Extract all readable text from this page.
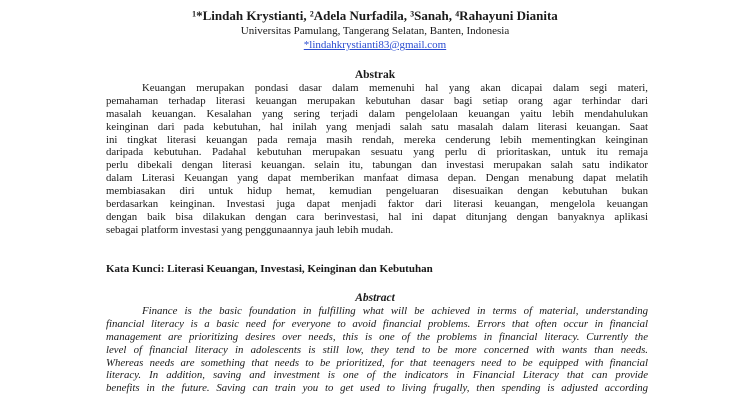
¹*Lindah Krystianti, ²Adela Nurfadila, ³Sanah, ⁴Rahayuni Dianita
Universitas Pamulang, Tangerang Selatan, Banten, Indonesia
*lindahkrystianti83@gmail.com
Abstrak
Keuangan merupakan pondasi dasar dalam memenuhi hal yang akan dicapai dalam segi materi,
pemahaman terhadap literasi keuangan merupakan kebutuhan dasar bagi setiap orang agar terhindar dari
masalah keuangan. Kesalahan yang sering terjadi dalam pengelolaan keuangan yaitu lebih mendahulukan
keinginan dari pada kebutuhan, hal inilah yang menjadi salah satu masalah dalam literasi keuangan. Saat
ini tingkat literasi keuangan pada remaja masih rendah, mereka cenderung lebih mementingkan keinginan
daripada kebutuhan. Padahal kebutuhan merupakan sesuatu yang perlu di prioritaskan, untuk itu remaja
perlu dibekali dengan literasi keuangan. selain itu, tabungan dan investasi merupakan salah satu indikator
dalam Literasi Keuangan yang dapat memberikan manfaat dimasa depan. Dengan menabung dapat melatih
membiasakan diri untuk hidup hemat, kemudian pengeluaran disesuaikan dengan kebutuhan bukan
berdasarkan keinginan. Investasi juga dapat menjadi faktor dari literasi keuangan, mengelola keuangan
dengan baik bisa dilakukan dengan cara berinvestasi, hal ini dapat ditunjang dengan banyaknya aplikasi
sebagai platform investasi yang penggunaannya jauh lebih mudah.
Kata Kunci: Literasi Keuangan, Investasi, Keinginan dan Kebutuhan
Abstract
Finance is the basic foundation in fulfilling what will be achieved in terms of material, understanding
financial literacy is a basic need for everyone to avoid financial problems. Errors that often occur in financial
management are prioritizing desires over needs, this is one of the problems in financial literacy. Currently the
level of financial literacy in adolescents is still low, they tend to be more concerned with wants than needs.
Whereas needs are something that needs to be prioritized, for that teenagers need to be equipped with financial
literacy. In addition, saving and investment is one of the indicators in Financial Literacy that can provide
benefits in the future. Saving can train you to get used to living frugally, then spending is adjusted according
